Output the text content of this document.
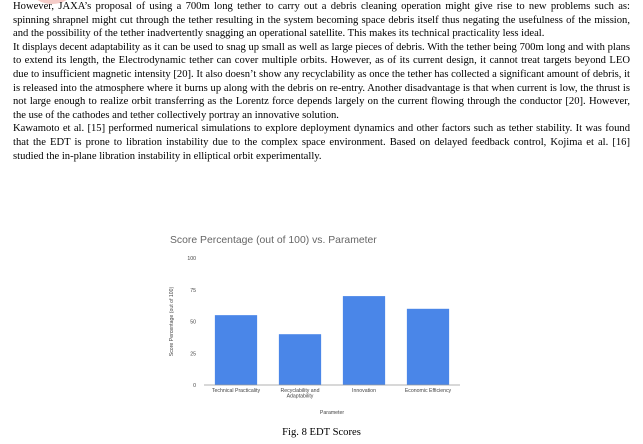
However, JAXA’s proposal of using a 700m long tether to carry out a debris cleaning operation might give rise to new problems such as: spinning shrapnel might cut through the tether resulting in the system becoming space debris itself thus negating the usefulness of the mission, and the possibility of the tether inadvertently snagging an operational satellite. This makes its technical practicality less ideal.

It displays decent adaptability as it can be used to snag up small as well as large pieces of debris. With the tether being 700m long and with plans to extend its length, the Electrodynamic tether can cover multiple orbits. However, as of its current design, it cannot treat targets beyond LEO due to insufficient magnetic intensity [20]. It also doesn’t show any recyclability as once the tether has collected a significant amount of debris, it is released into the atmosphere where it burns up along with the debris on re-entry. Another disadvantage is that when current is low, the thrust is not large enough to realize orbit transferring as the Lorentz force depends largely on the current flowing through the conductor [20]. However, the use of the cathodes and tether collectively portray an innovative solution.

Kawamoto et al. [15] performed numerical simulations to explore deployment dynamics and other factors such as tether stability. It was found that the EDT is prone to libration instability due to the complex space environment. Based on delayed feedback control, Kojima et al. [16] studied the in-plane libration instability in elliptical orbit experimentally.

Score Percentage (out of 100) vs. Parameter
0
25
50
75
100
Score Percentage (out of 100)
Technical Practicality	Recyclability and
Adaptability
Innovation	Economic Efficiency
Parameter
Fig. 8 EDT Scores
